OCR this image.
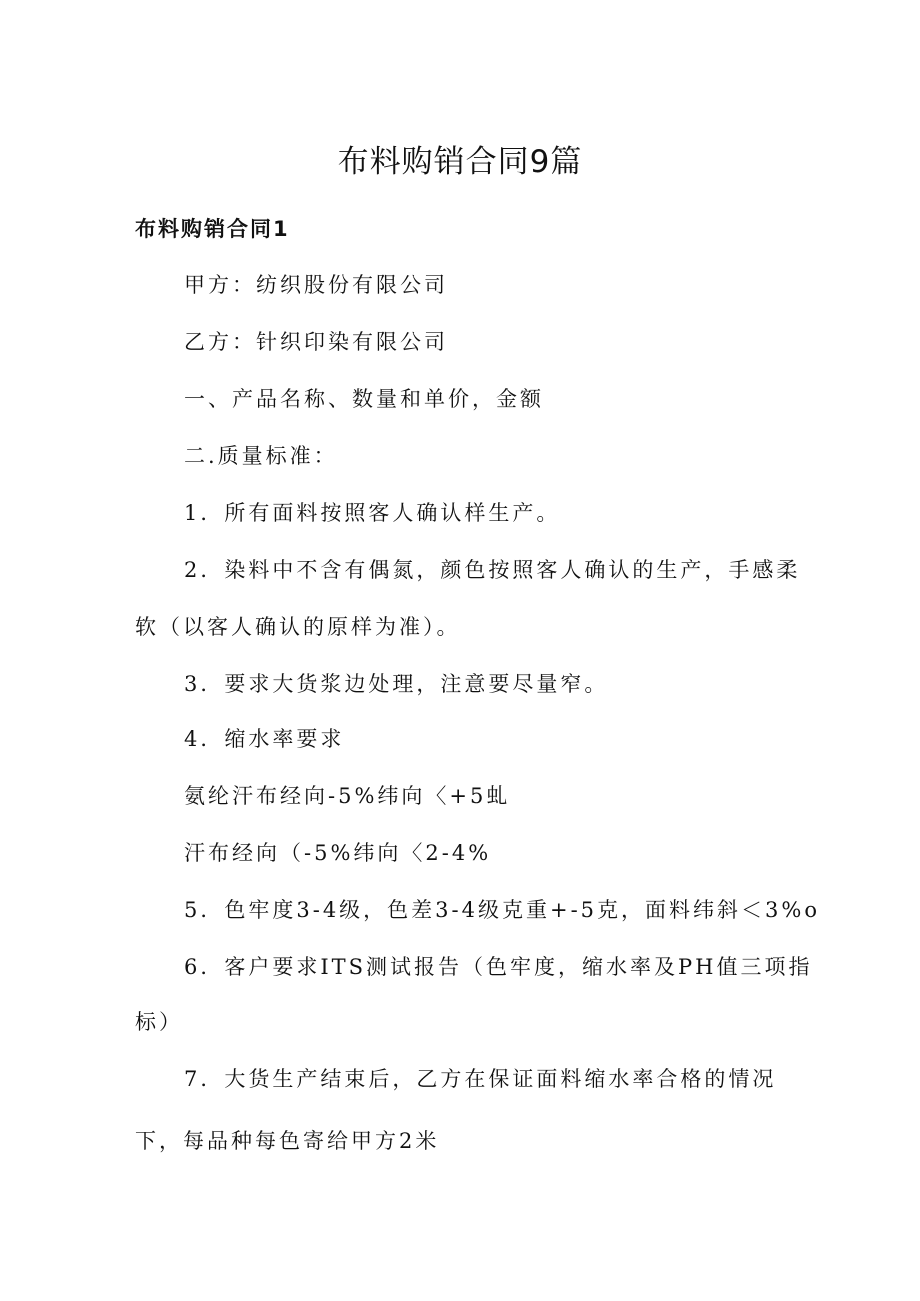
布料购销合同9篇
布料购销合同1
甲方：纺织股份有限公司
乙方：针织印染有限公司
一、产品名称、数量和单价，金额
二.质量标准：
1．所有面料按照客人确认样生产。
2．染料中不含有偶氮，颜色按照客人确认的生产，手感柔
软（以客人确认的原样为准）。
3．要求大货浆边处理，注意要尽量窄。
4．缩水率要求
氨纶汗布经向-5%纬向〈+5虬
汗布经向（-5%纬向〈2-4%
5．色牢度3-4级，色差3-4级克重+-5克，面料纬斜＜3%o
6．客户要求ITS测试报告（色牢度，缩水率及PH值三项指
标）
7．大货生产结束后，乙方在保证面料缩水率合格的情况
下，每品种每色寄给甲方2米
